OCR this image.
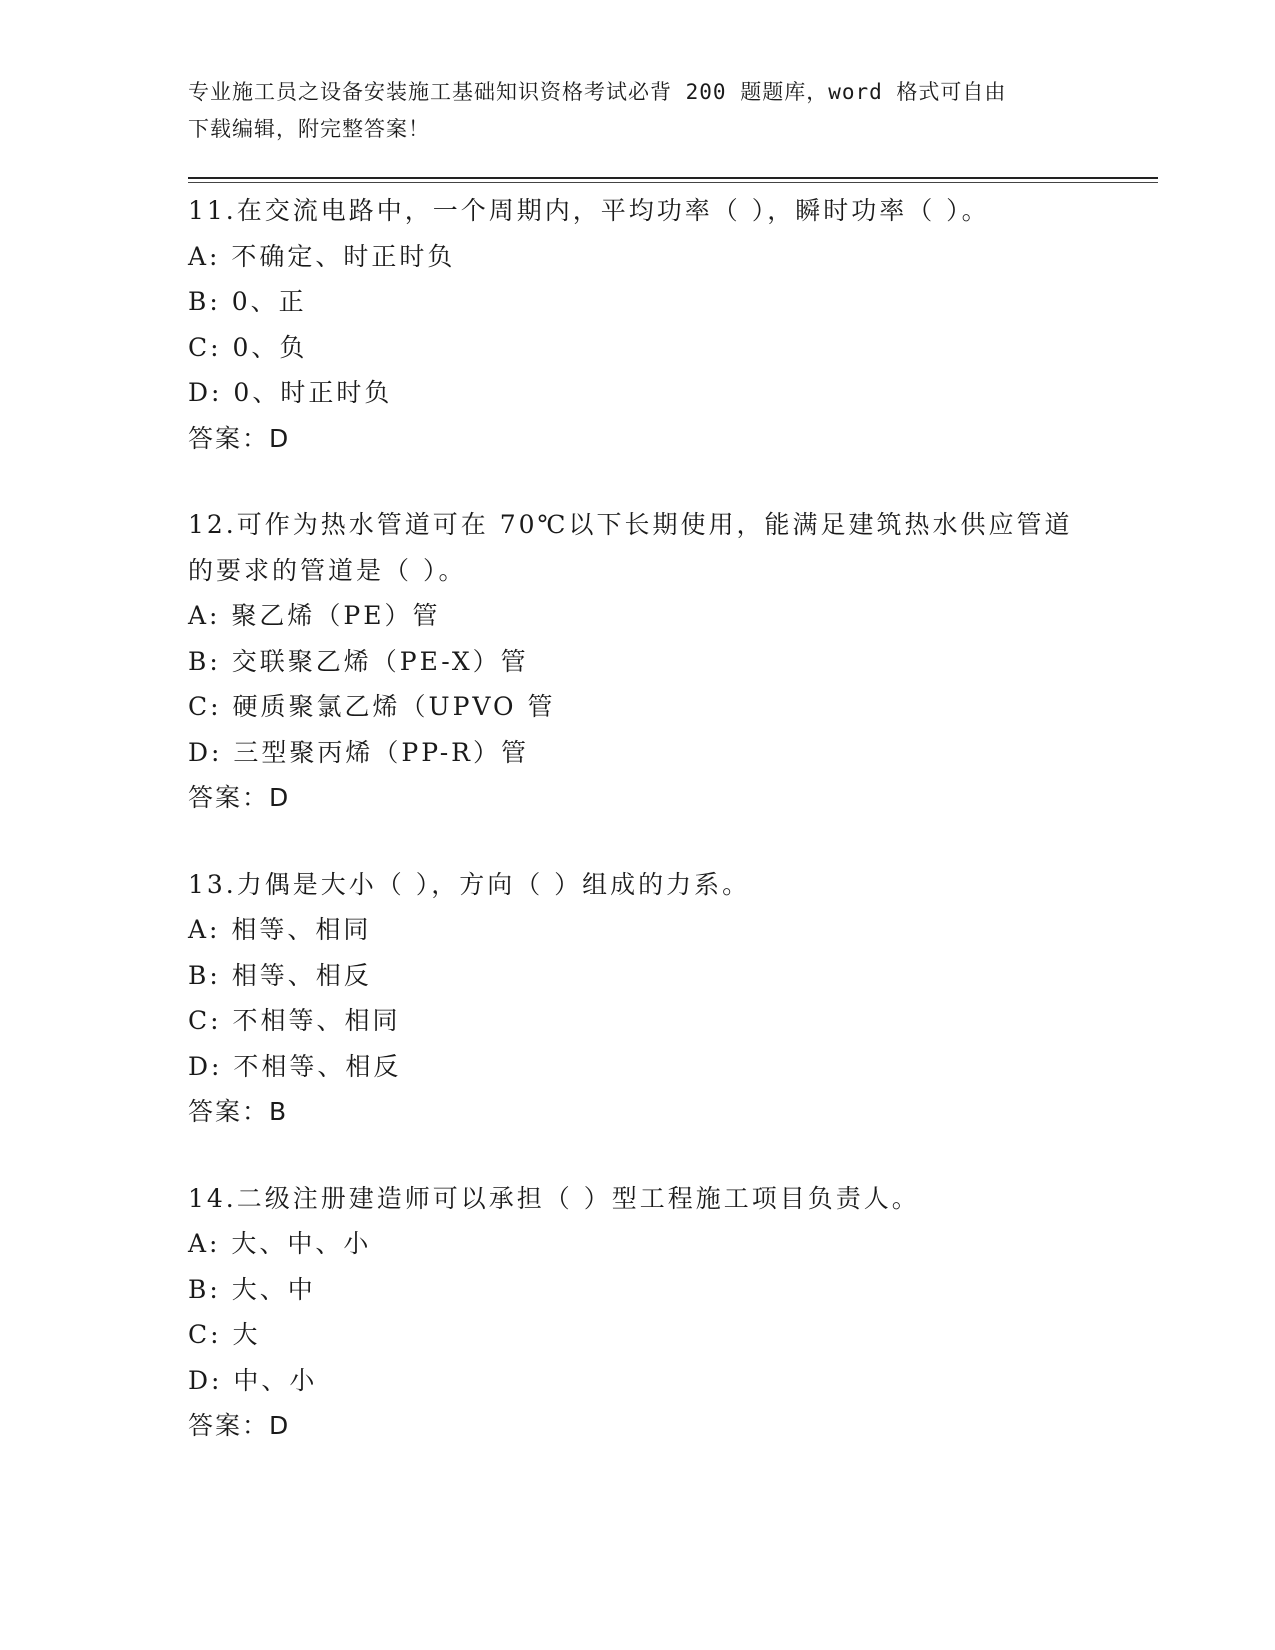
专业施工员之设备安装施工基础知识资格考试必背 200 题题库，word 格式可自由
下载编辑，附完整答案！
11.在交流电路中，一个周期内，平均功率（ ），瞬时功率（ ）。
A: 不确定、时正时负
B: 0、正
C: 0、负
D: 0、时正时负
答案：D
12.可作为热水管道可在 70℃以下长期使用，能满足建筑热水供应管道
的要求的管道是（ ）。
A: 聚乙烯（PE）管
B: 交联聚乙烯（PE-X）管
C: 硬质聚氯乙烯（UPVO 管
D: 三型聚丙烯（PP-R）管
答案：D
13.力偶是大小（ ），方向（ ）组成的力系。
A: 相等、相同
B: 相等、相反
C: 不相等、相同
D: 不相等、相反
答案：B
14.二级注册建造师可以承担（ ）型工程施工项目负责人。
A: 大、中、小
B: 大、中
C: 大
D: 中、小
答案：D
